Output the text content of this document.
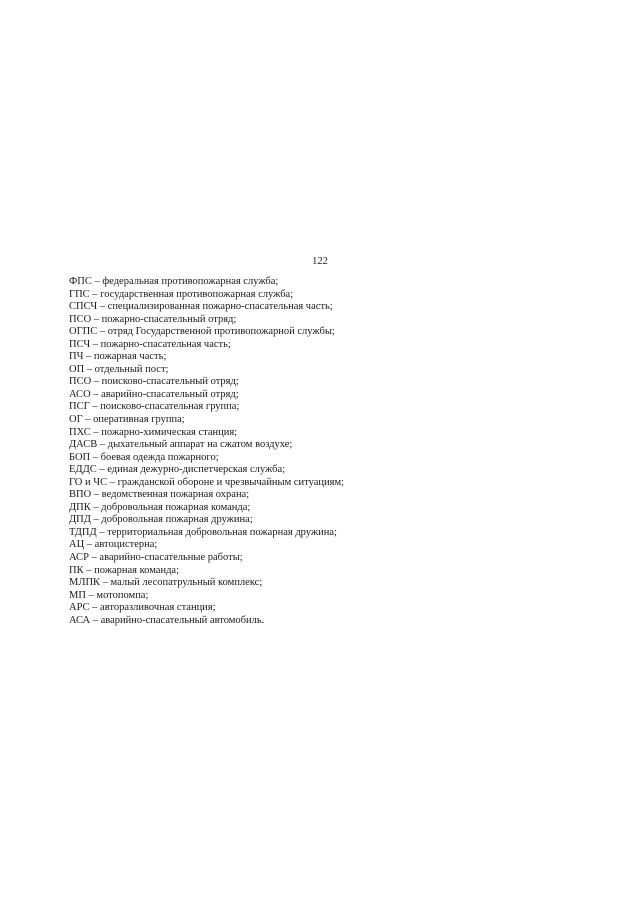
122
ФПС – федеральная противопожарная служба;
ГПС – государственная противопожарная служба;
СПСЧ – специализированная пожарно-спасательная часть;
ПСО – пожарно-спасательный отряд;
ОГПС – отряд Государственной противопожарной службы;
ПСЧ – пожарно-спасательная часть;
ПЧ – пожарная часть;
ОП – отдельный пост;
ПСО – поисково-спасательный отряд;
АСО – аварийно-спасательный отряд;
ПСГ – поисково-спасательная группа;
ОГ – оперативная группа;
ПХС – пожарно-химическая станция;
ДАСВ – дыхательный аппарат на сжатом воздухе;
БОП – боевая одежда пожарного;
ЕДДС – единая дежурно-диспетчерская служба;
ГО и ЧС – гражданской обороне и чрезвычайным ситуациям;
ВПО – ведомственная пожарная охрана;
ДПК – добровольная пожарная команда;
ДПД – добровольная пожарная дружина;
ТДПД – территориальная добровольная пожарная дружина;
АЦ – автоцистерна;
АСР – аварийно-спасательные работы;
ПК – пожарная команда;
МЛПК – малый лесопатрульный комплекс;
МП – мотопомпа;
АРС – авторазливочная станция;
АСА – аварийно-спасательный автомобиль.
